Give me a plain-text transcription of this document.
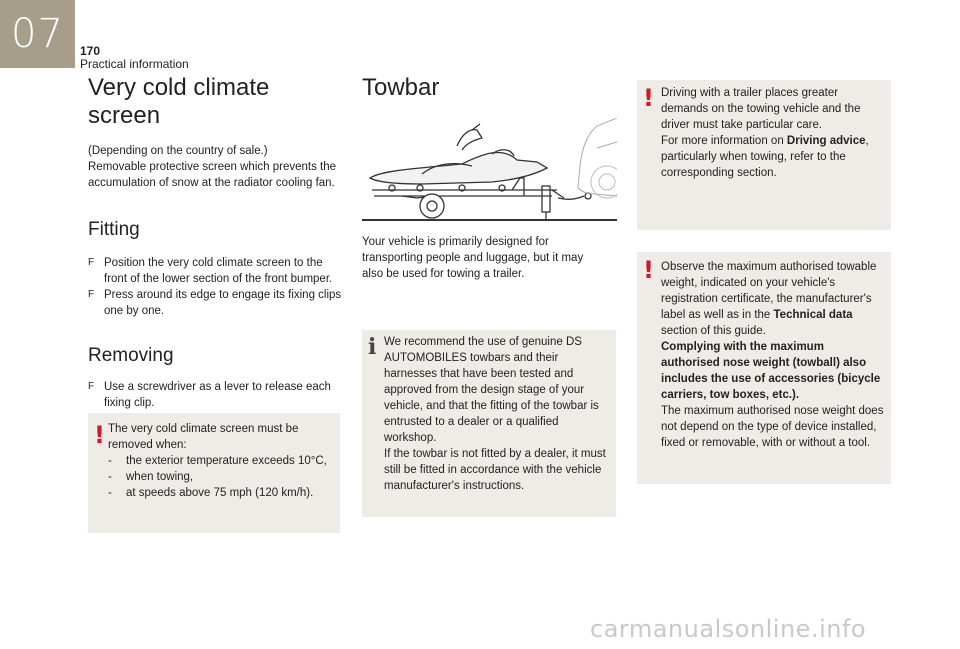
07	170
Practical information
Very cold climate screen

(Depending on the country of sale.)

Removable protective screen which prevents the accumulation of snow at the radiator cooling fan.

Fitting
F Position the very cold climate screen to the front of the lower section of the front bumper.
F Press around its edge to engage its fixing clips one by one.
Removing
F Use a screwdriver as a lever to release each fixing clip.
! The very cold climate screen must be removed when:
-	the exterior temperature exceeds 10°C,
-	when towing,
-	at speeds above 75 mph (120 km/h).
Towbar

Your vehicle is primarily designed for transporting people and luggage, but it may also be used for towing a trailer.

i We recommend the use of genuine DS AUTOMOBILES towbars and their harnesses that have been tested and approved from the design stage of your vehicle, and that the fitting of the towbar is entrusted to a dealer or a qualified workshop.
If the towbar is not fitted by a dealer, it must still be fitted in accordance with the vehicle manufacturer's instructions.
! Driving with a trailer places greater demands on the towing vehicle and the driver must take particular care.
For more information on Driving advice, particularly when towing, refer to the corresponding section.
! Observe the maximum authorised towable weight, indicated on your vehicle's registration certificate, the manufacturer's label as well as in the Technical data section of this guide.
Complying with the maximum authorised nose weight (towball) also includes the use of accessories (bicycle carriers, tow boxes, etc.).
The maximum authorised nose weight does not depend on the type of device installed, fixed or removable, with or without a tool.
carmanualsonline.info
